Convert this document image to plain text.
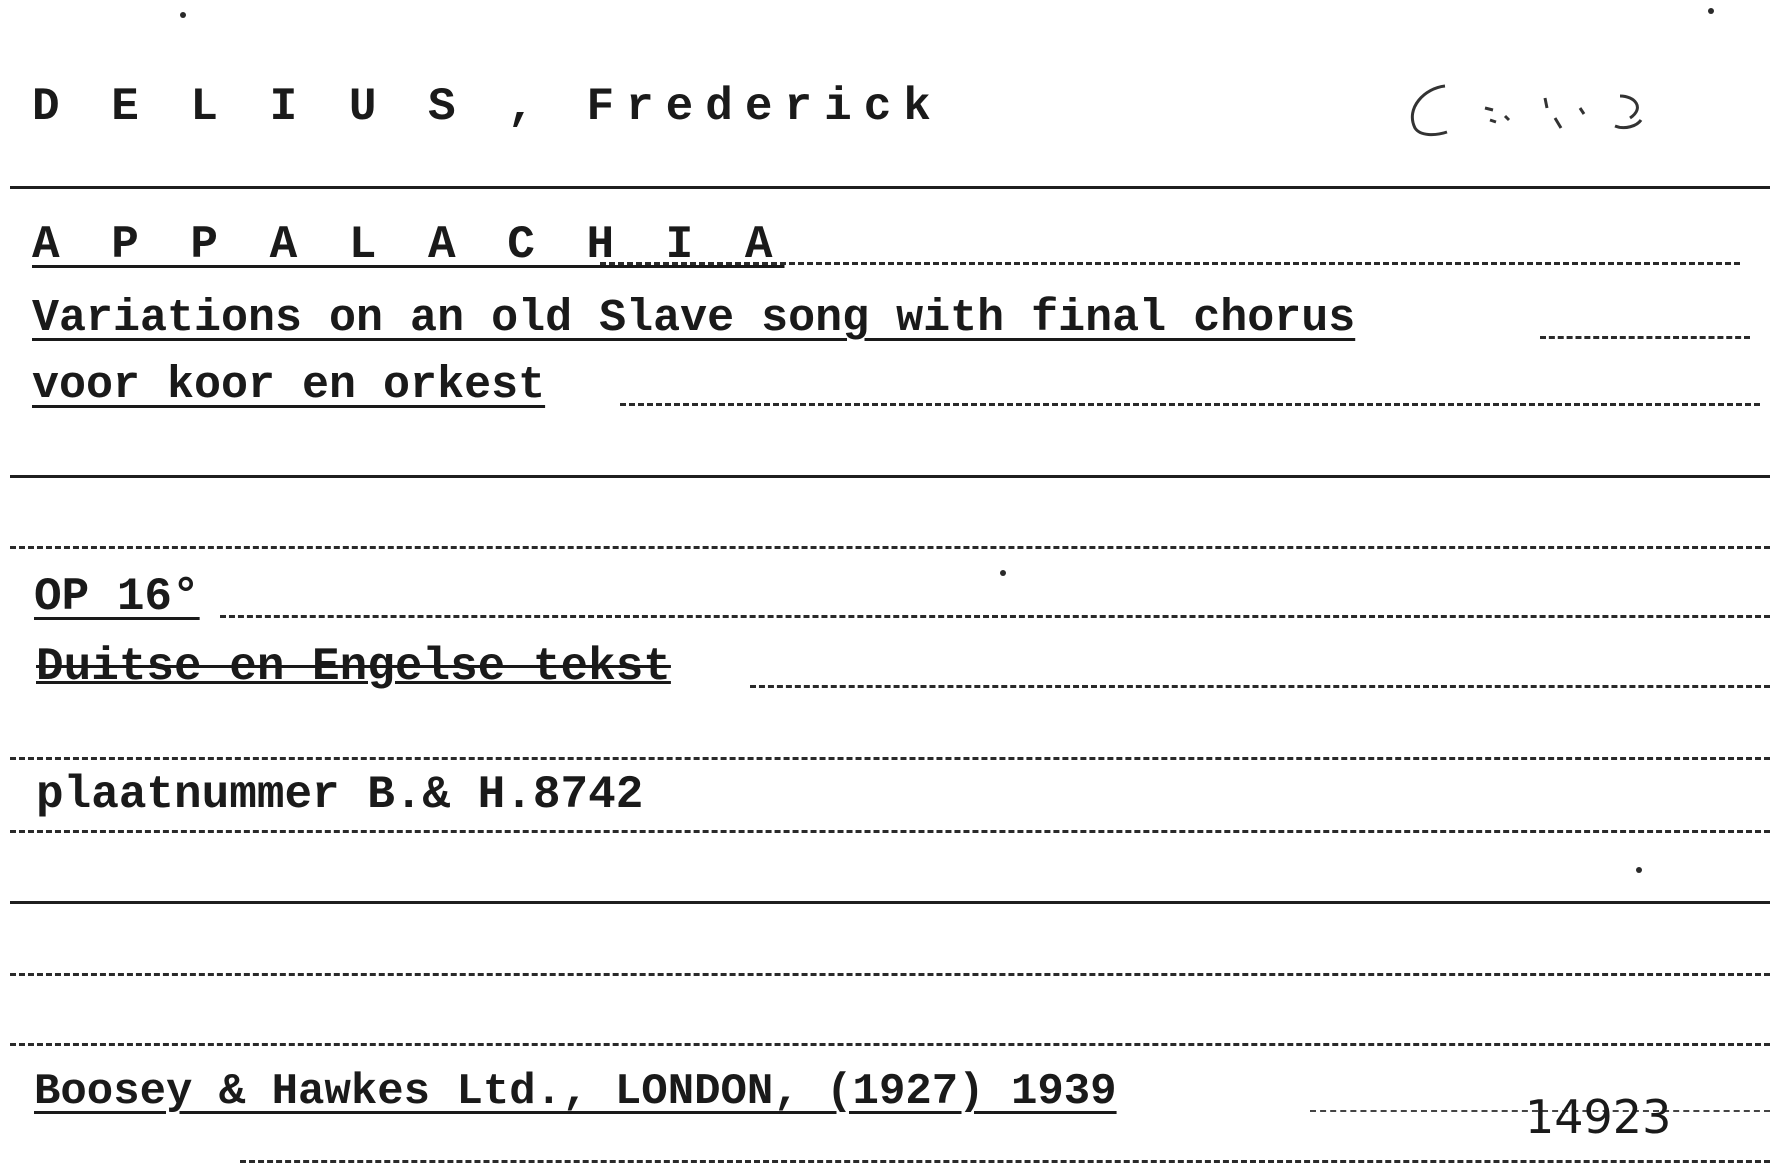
D E L I U S , Frederick
A P P A L A C H I A
Variations on an old Slave song with final chorus
voor koor en orkest
OP 16°
Duitse en Engelse tekst
plaatnummer B.& H.8742
Boosey & Hawkes Ltd., LONDON, (1927) 1939	14923
